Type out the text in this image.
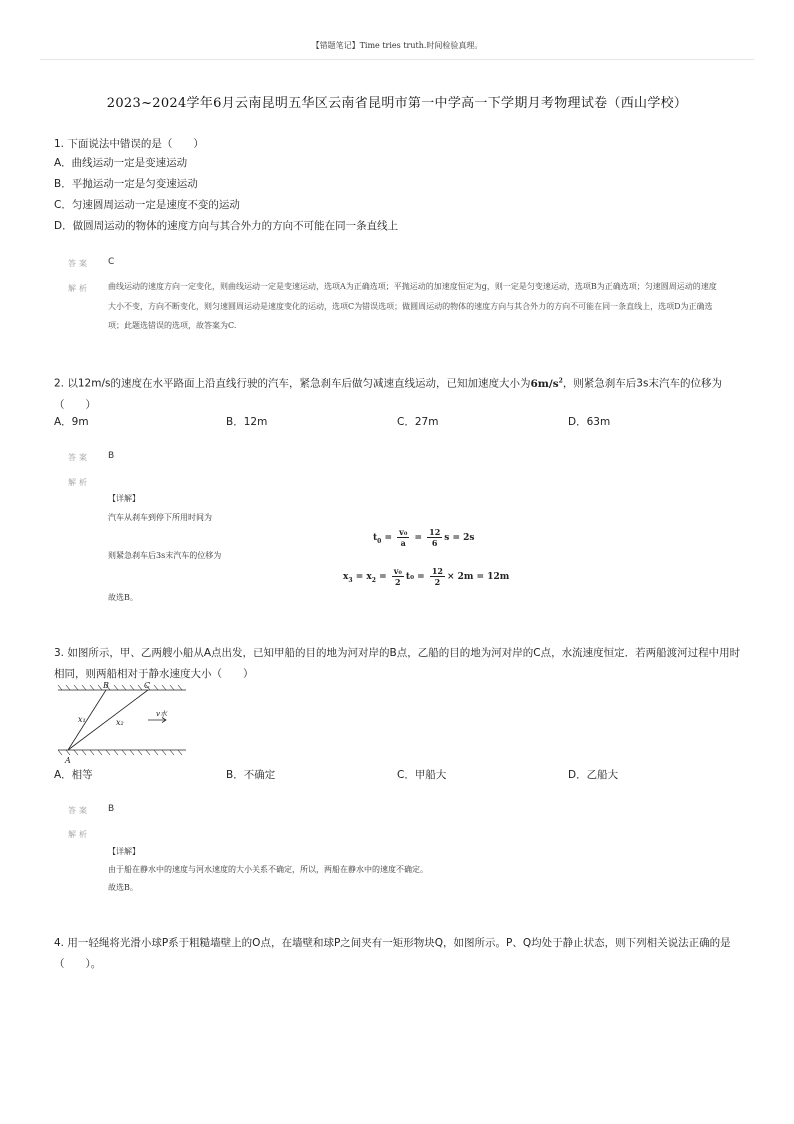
【错题笔记】Time tries truth.时间检验真理。
2023~2024学年6月云南昆明五华区云南省昆明市第一中学高一下学期月考物理试卷（西山学校）
1. 下面说法中错误的是（　　）
A．曲线运动一定是变速运动
B．平抛运动一定是匀变速运动
C．匀速圆周运动一定是速度不变的运动
D．做圆周运动的物体的速度方向与其合外力的方向不可能在同一条直线上
答案 C
解析 曲线运动的速度方向一定变化，则曲线运动一定是变速运动，选项A为正确选项；平抛运动的加速度恒定为g，则一定是匀变速运动，选项B为正确选项；匀速圆周运动的速度大小不变，方向不断变化，则匀速圆周运动是速度变化的运动，选项C为错误选项；做圆周运动的物体的速度方向与其合外力的方向不可能在同一条直线上，选项D为正确选项；此题选错误的选项，故答案为C.
2. 以12m/s的速度在水平路面上沿直线行驶的汽车，紧急刹车后做匀减速直线运动，已知加速度大小为$6m/s^2$，则紧急刹车后3s末汽车的位移为
（　　）
A．9m	B．12m	C．27m	D．63m
答案 B
解析
【详解】
汽车从刹车到停下所用时间为
$t_0 = \frac{\text{v₀}}{a} = \frac{12}{6}$ s = 2s
则紧急刹车后3s末汽车的位移为
$x_3 = x_2 = \frac{\text{v₀}}{2} t_0 = \frac{12}{2} \times 2m = 12m$
故选B。
3. 如图所示，甲、乙两艘小船从A点出发，已知甲船的目的地为河对岸的B点，乙船的目的地为河对岸的C点，水流速度恒定．若两船渡河过程中用时相同，则两船相对于静水速度大小（　　）
B	C
A
x₁	x₂
v水
A．相等	B．不确定	C．甲船大	D．乙船大
答案 B
解析
【详解】
由于船在静水中的速度与河水速度的大小关系不确定，所以，两船在静水中的速度不确定。
故选B。
4. 用一轻绳将光滑小球P系于粗糙墙壁上的O点，在墙壁和球P之间夹有一矩形物块Q，如图所示。P、Q均处于静止状态，则下列相关说法正确的是（　　）。
